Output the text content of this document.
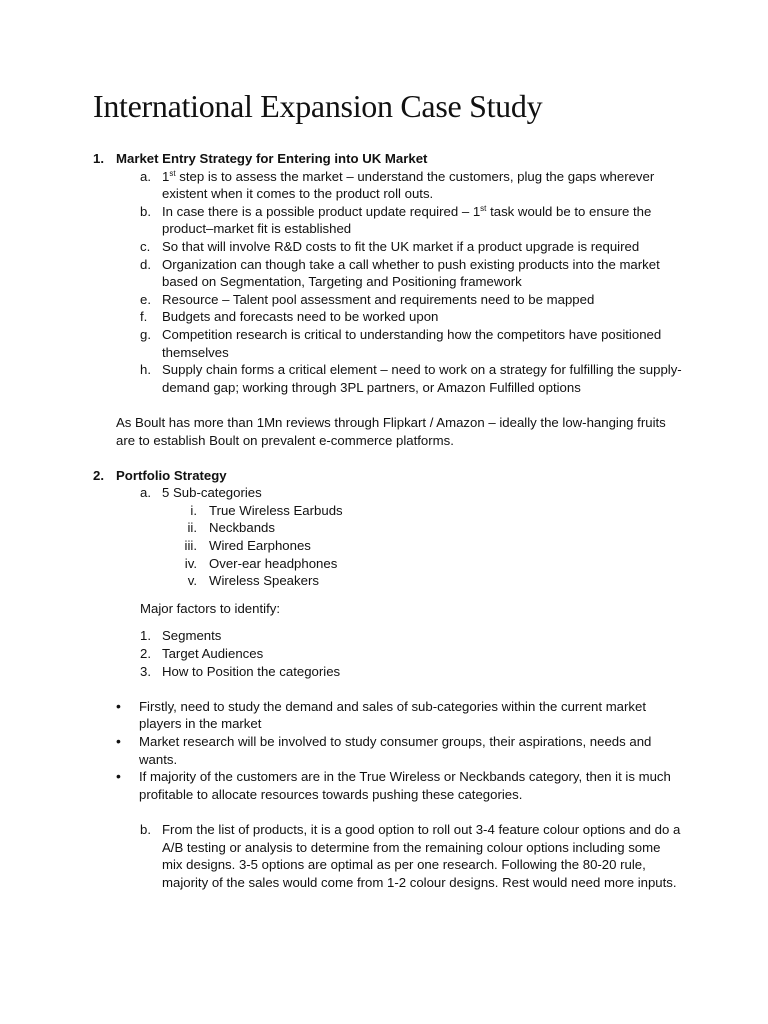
International Expansion Case Study
1. Market Entry Strategy for Entering into UK Market
a. 1st step is to assess the market – understand the customers, plug the gaps wherever existent when it comes to the product roll outs.
b. In case there is a possible product update required – 1st task would be to ensure the product–market fit is established
c. So that will involve R&D costs to fit the UK market if a product upgrade is required
d. Organization can though take a call whether to push existing products into the market based on Segmentation, Targeting and Positioning framework
e. Resource – Talent pool assessment and requirements need to be mapped
f. Budgets and forecasts need to be worked upon
g. Competition research is critical to understanding how the competitors have positioned themselves
h. Supply chain forms a critical element – need to work on a strategy for fulfilling the supply-demand gap; working through 3PL partners, or Amazon Fulfilled options
As Boult has more than 1Mn reviews through Flipkart / Amazon – ideally the low-hanging fruits are to establish Boult on prevalent e-commerce platforms.
2. Portfolio Strategy
a. 5 Sub-categories
i. True Wireless Earbuds
ii. Neckbands
iii. Wired Earphones
iv. Over-ear headphones
v. Wireless Speakers
Major factors to identify:
1. Segments
2. Target Audiences
3. How to Position the categories
• Firstly, need to study the demand and sales of sub-categories within the current market players in the market
• Market research will be involved to study consumer groups, their aspirations, needs and wants.
• If majority of the customers are in the True Wireless or Neckbands category, then it is much profitable to allocate resources towards pushing these categories.
b. From the list of products, it is a good option to roll out 3-4 feature colour options and do a A/B testing or analysis to determine from the remaining colour options including some mix designs. 3-5 options are optimal as per one research. Following the 80-20 rule, majority of the sales would come from 1-2 colour designs. Rest would need more inputs.
